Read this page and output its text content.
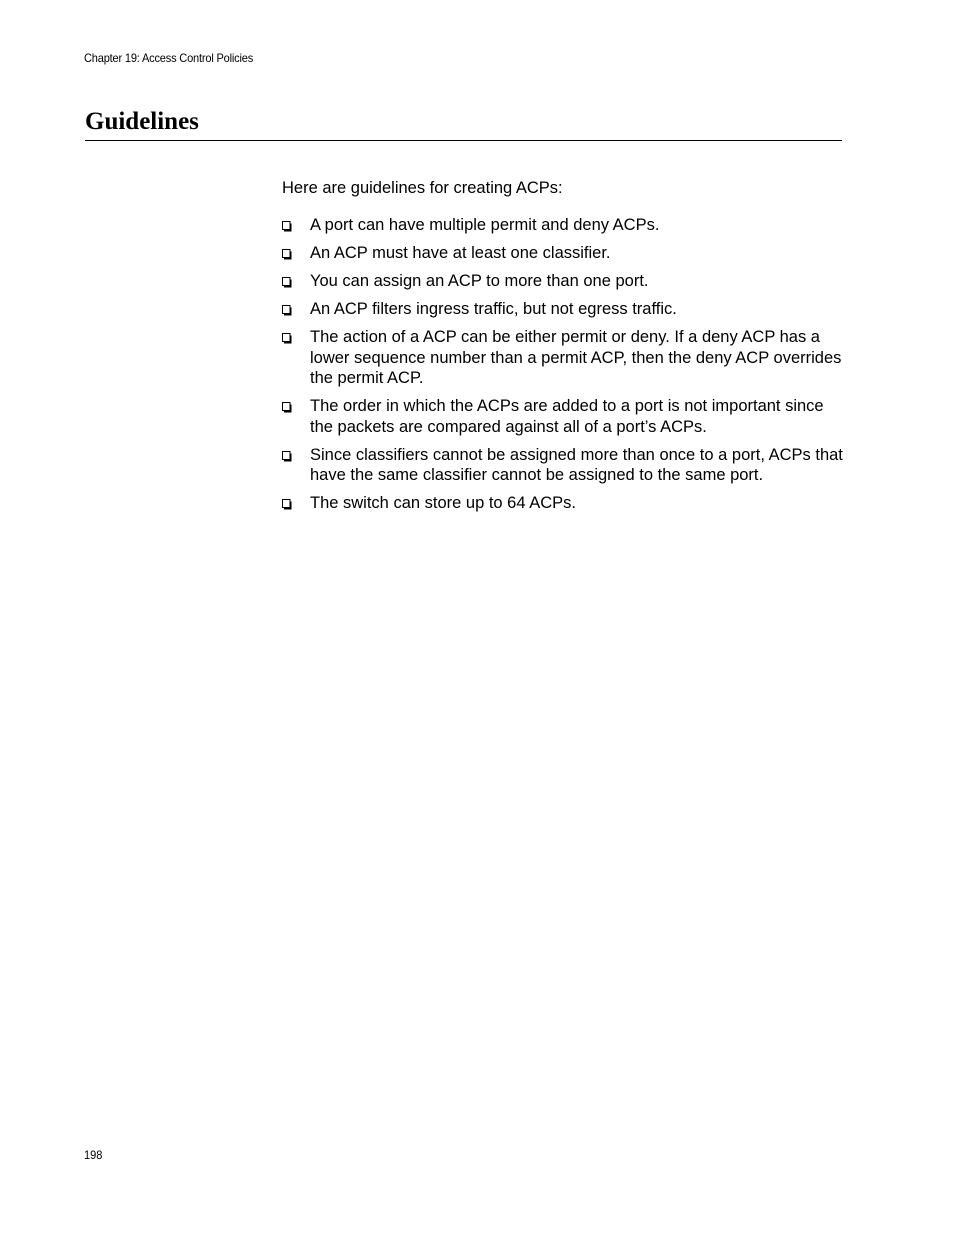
Chapter 19: Access Control Policies
Guidelines

Here are guidelines for creating ACPs:

A port can have multiple permit and deny ACPs.
An ACP must have at least one classifier.
You can assign an ACP to more than one port.
An ACP filters ingress traffic, but not egress traffic.
The action of a ACP can be either permit or deny. If a deny ACP has a lower sequence number than a permit ACP, then the deny ACP overrides the permit ACP.
The order in which the ACPs are added to a port is not important since the packets are compared against all of a port’s ACPs.
Since classifiers cannot be assigned more than once to a port, ACPs that have the same classifier cannot be assigned to the same port.
The switch can store up to 64 ACPs.
198
